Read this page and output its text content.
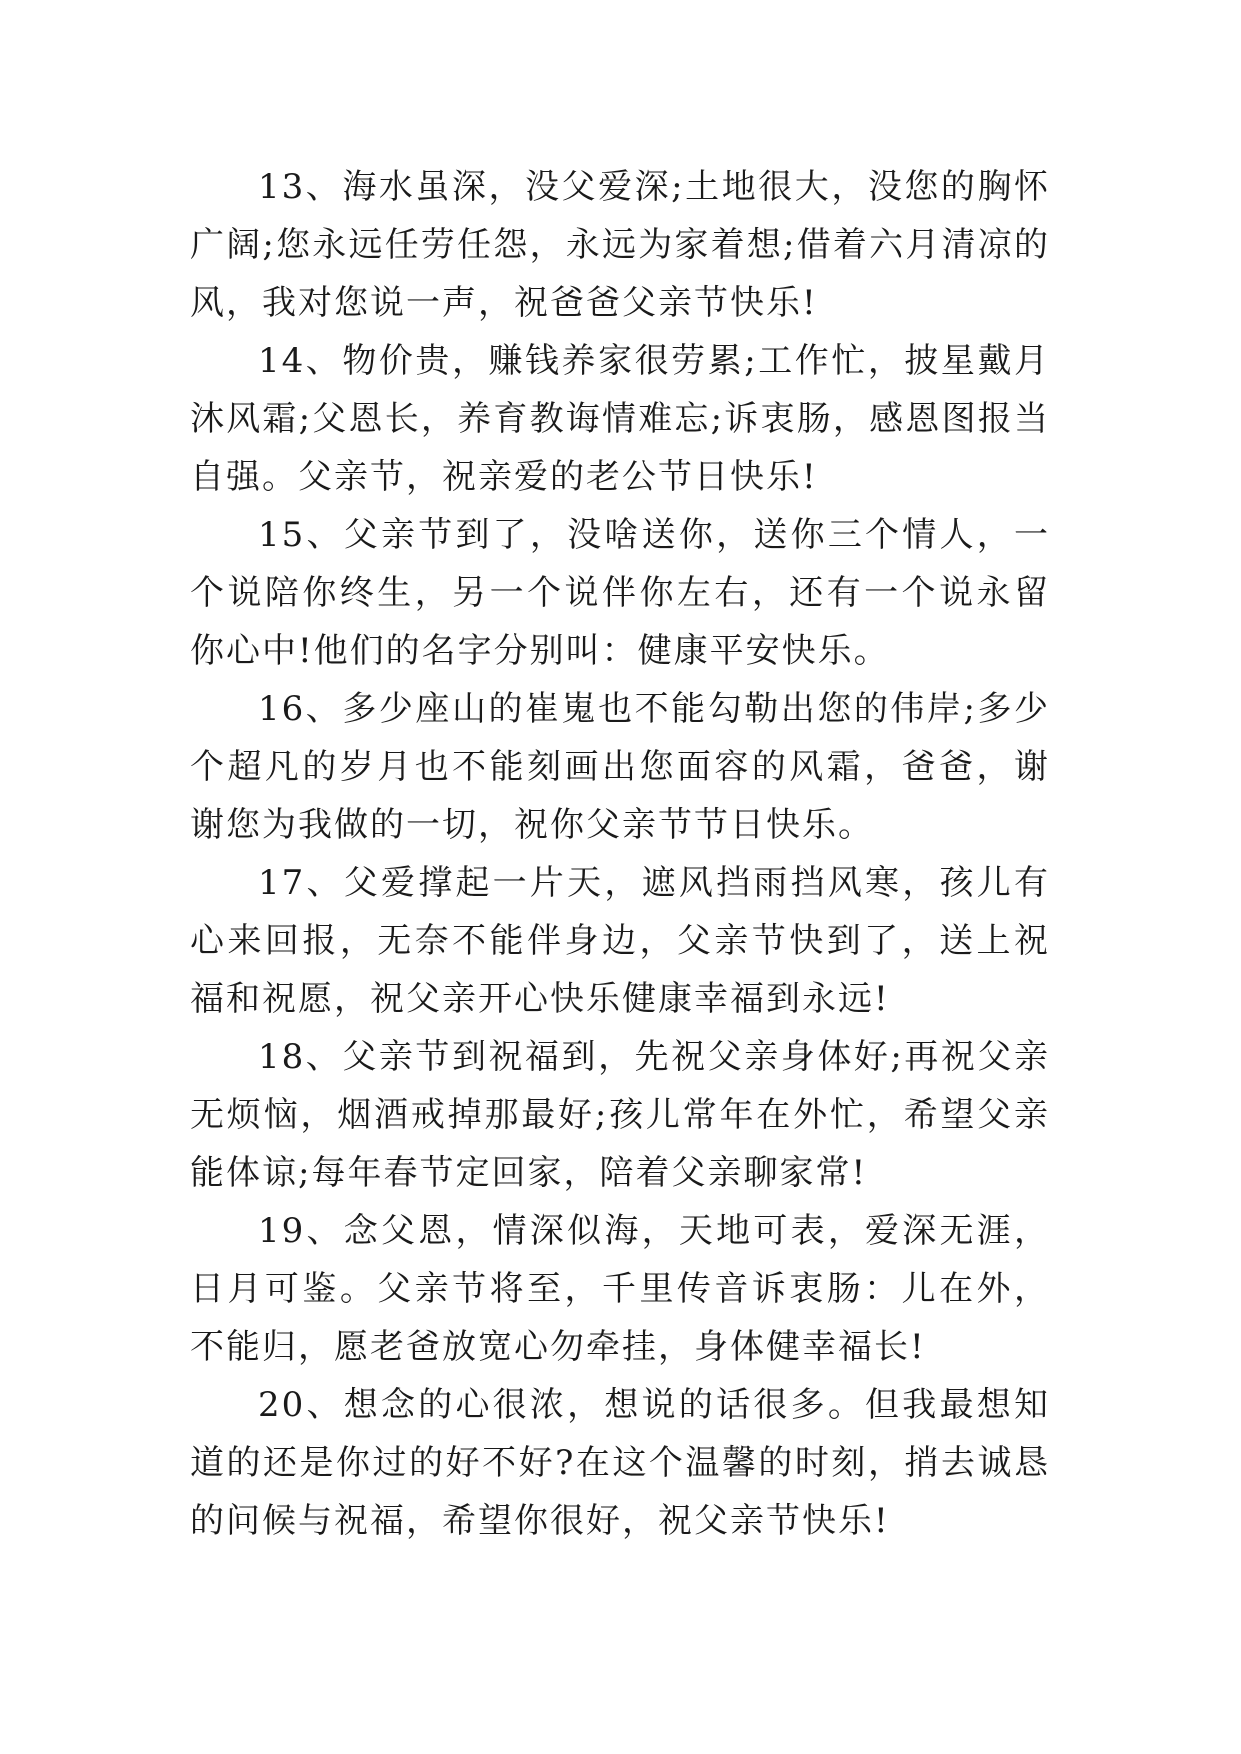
13、海水虽深，没父爱深;土地很大，没您的胸怀广阔;您永远任劳任怨，永远为家着想;借着六月清凉的风，我对您说一声，祝爸爸父亲节快乐!

14、物价贵，赚钱养家很劳累;工作忙，披星戴月沐风霜;父恩长，养育教诲情难忘;诉衷肠，感恩图报当自强。父亲节，祝亲爱的老公节日快乐!

15、父亲节到了，没啥送你，送你三个情人，一个说陪你终生，另一个说伴你左右，还有一个说永留你心中!他们的名字分别叫：健康平安快乐。

16、多少座山的崔嵬也不能勾勒出您的伟岸;多少个超凡的岁月也不能刻画出您面容的风霜，爸爸，谢谢您为我做的一切，祝你父亲节节日快乐。

17、父爱撑起一片天，遮风挡雨挡风寒，孩儿有心来回报，无奈不能伴身边，父亲节快到了，送上祝福和祝愿，祝父亲开心快乐健康幸福到永远!

18、父亲节到祝福到，先祝父亲身体好;再祝父亲无烦恼，烟酒戒掉那最好;孩儿常年在外忙，希望父亲能体谅;每年春节定回家，陪着父亲聊家常!

19、念父恩，情深似海，天地可表，爱深无涯，日月可鉴。父亲节将至，千里传音诉衷肠：儿在外，不能归，愿老爸放宽心勿牵挂，身体健幸福长!

20、想念的心很浓，想说的话很多。但我最想知道的还是你过的好不好?在这个温馨的时刻，捎去诚恳的问候与祝福，希望你很好，祝父亲节快乐!
